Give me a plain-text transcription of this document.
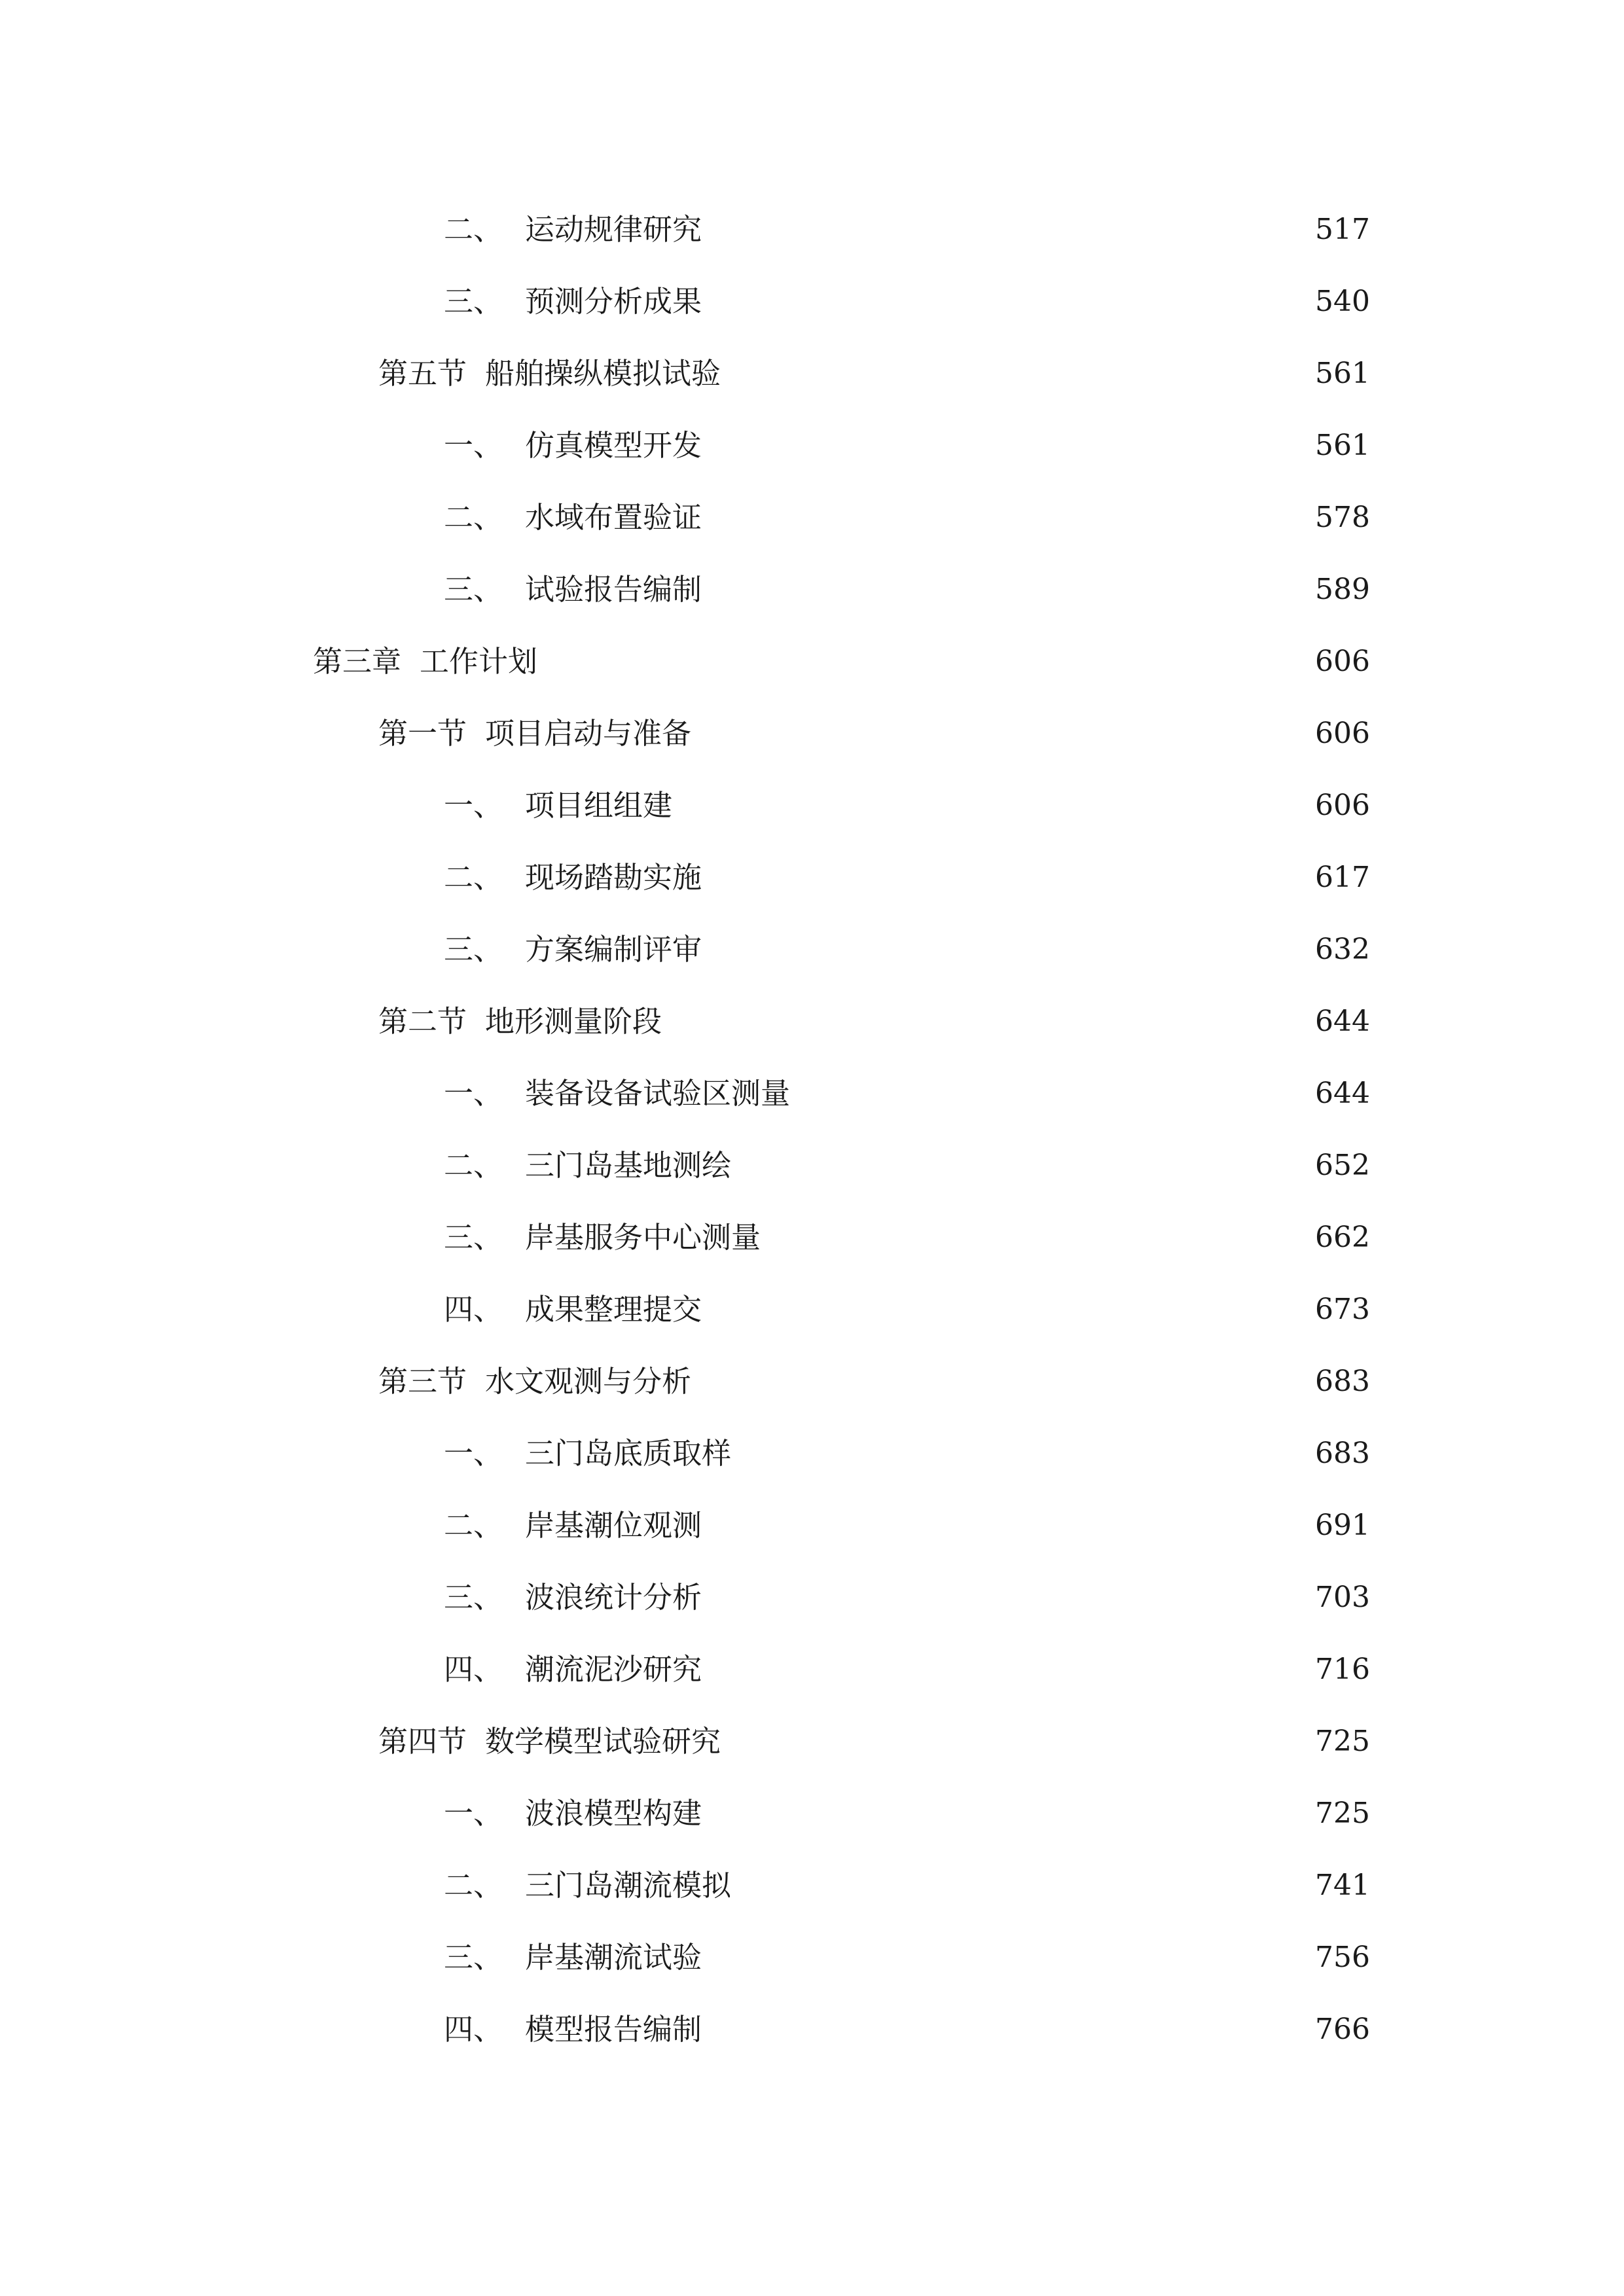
二、 运动规律研究	517
三、 预测分析成果	540
第五节 船舶操纵模拟试验	561
一、 仿真模型开发	561
二、 水域布置验证	578
三、 试验报告编制	589
第三章 工作计划	606
第一节 项目启动与准备	606
一、 项目组组建	606
二、 现场踏勘实施	617
三、 方案编制评审	632
第二节 地形测量阶段	644
一、 装备设备试验区测量	644
二、 三门岛基地测绘	652
三、 岸基服务中心测量	662
四、 成果整理提交	673
第三节 水文观测与分析	683
一、 三门岛底质取样	683
二、 岸基潮位观测	691
三、 波浪统计分析	703
四、 潮流泥沙研究	716
第四节 数学模型试验研究	725
一、 波浪模型构建	725
二、 三门岛潮流模拟	741
三、 岸基潮流试验	756
四、 模型报告编制	766
